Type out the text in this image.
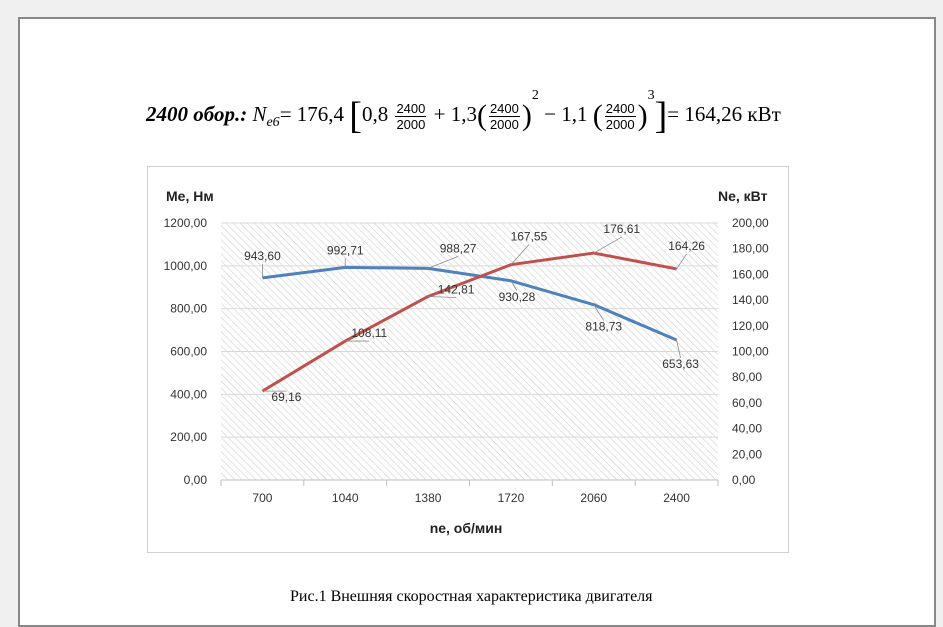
2400 обор.: $N_{e6}= 176,4$ [$0,8 \frac{2400}{2000} + 1,3( \frac{2400}{2000} )^2 - 1,1$ ( $\frac{2400}{2000} )^3]= 164,26$ кВт
Me, Нм	Ne, кВт
ne, об/мин
0,00
200,00
400,00
600,00
800,00
1000,00
1200,00
0,00
20,00
40,00
60,00
80,00
100,00
120,00
140,00
160,00
180,00
200,00
700	1040	1380	1720	2060	2400
943,60	992,71	988,27
930,28
818,73
653,63
69,16
108,11
142,81
167,55
176,61
164,26
Рис.1 Внешняя скоростная характеристика двигателя
